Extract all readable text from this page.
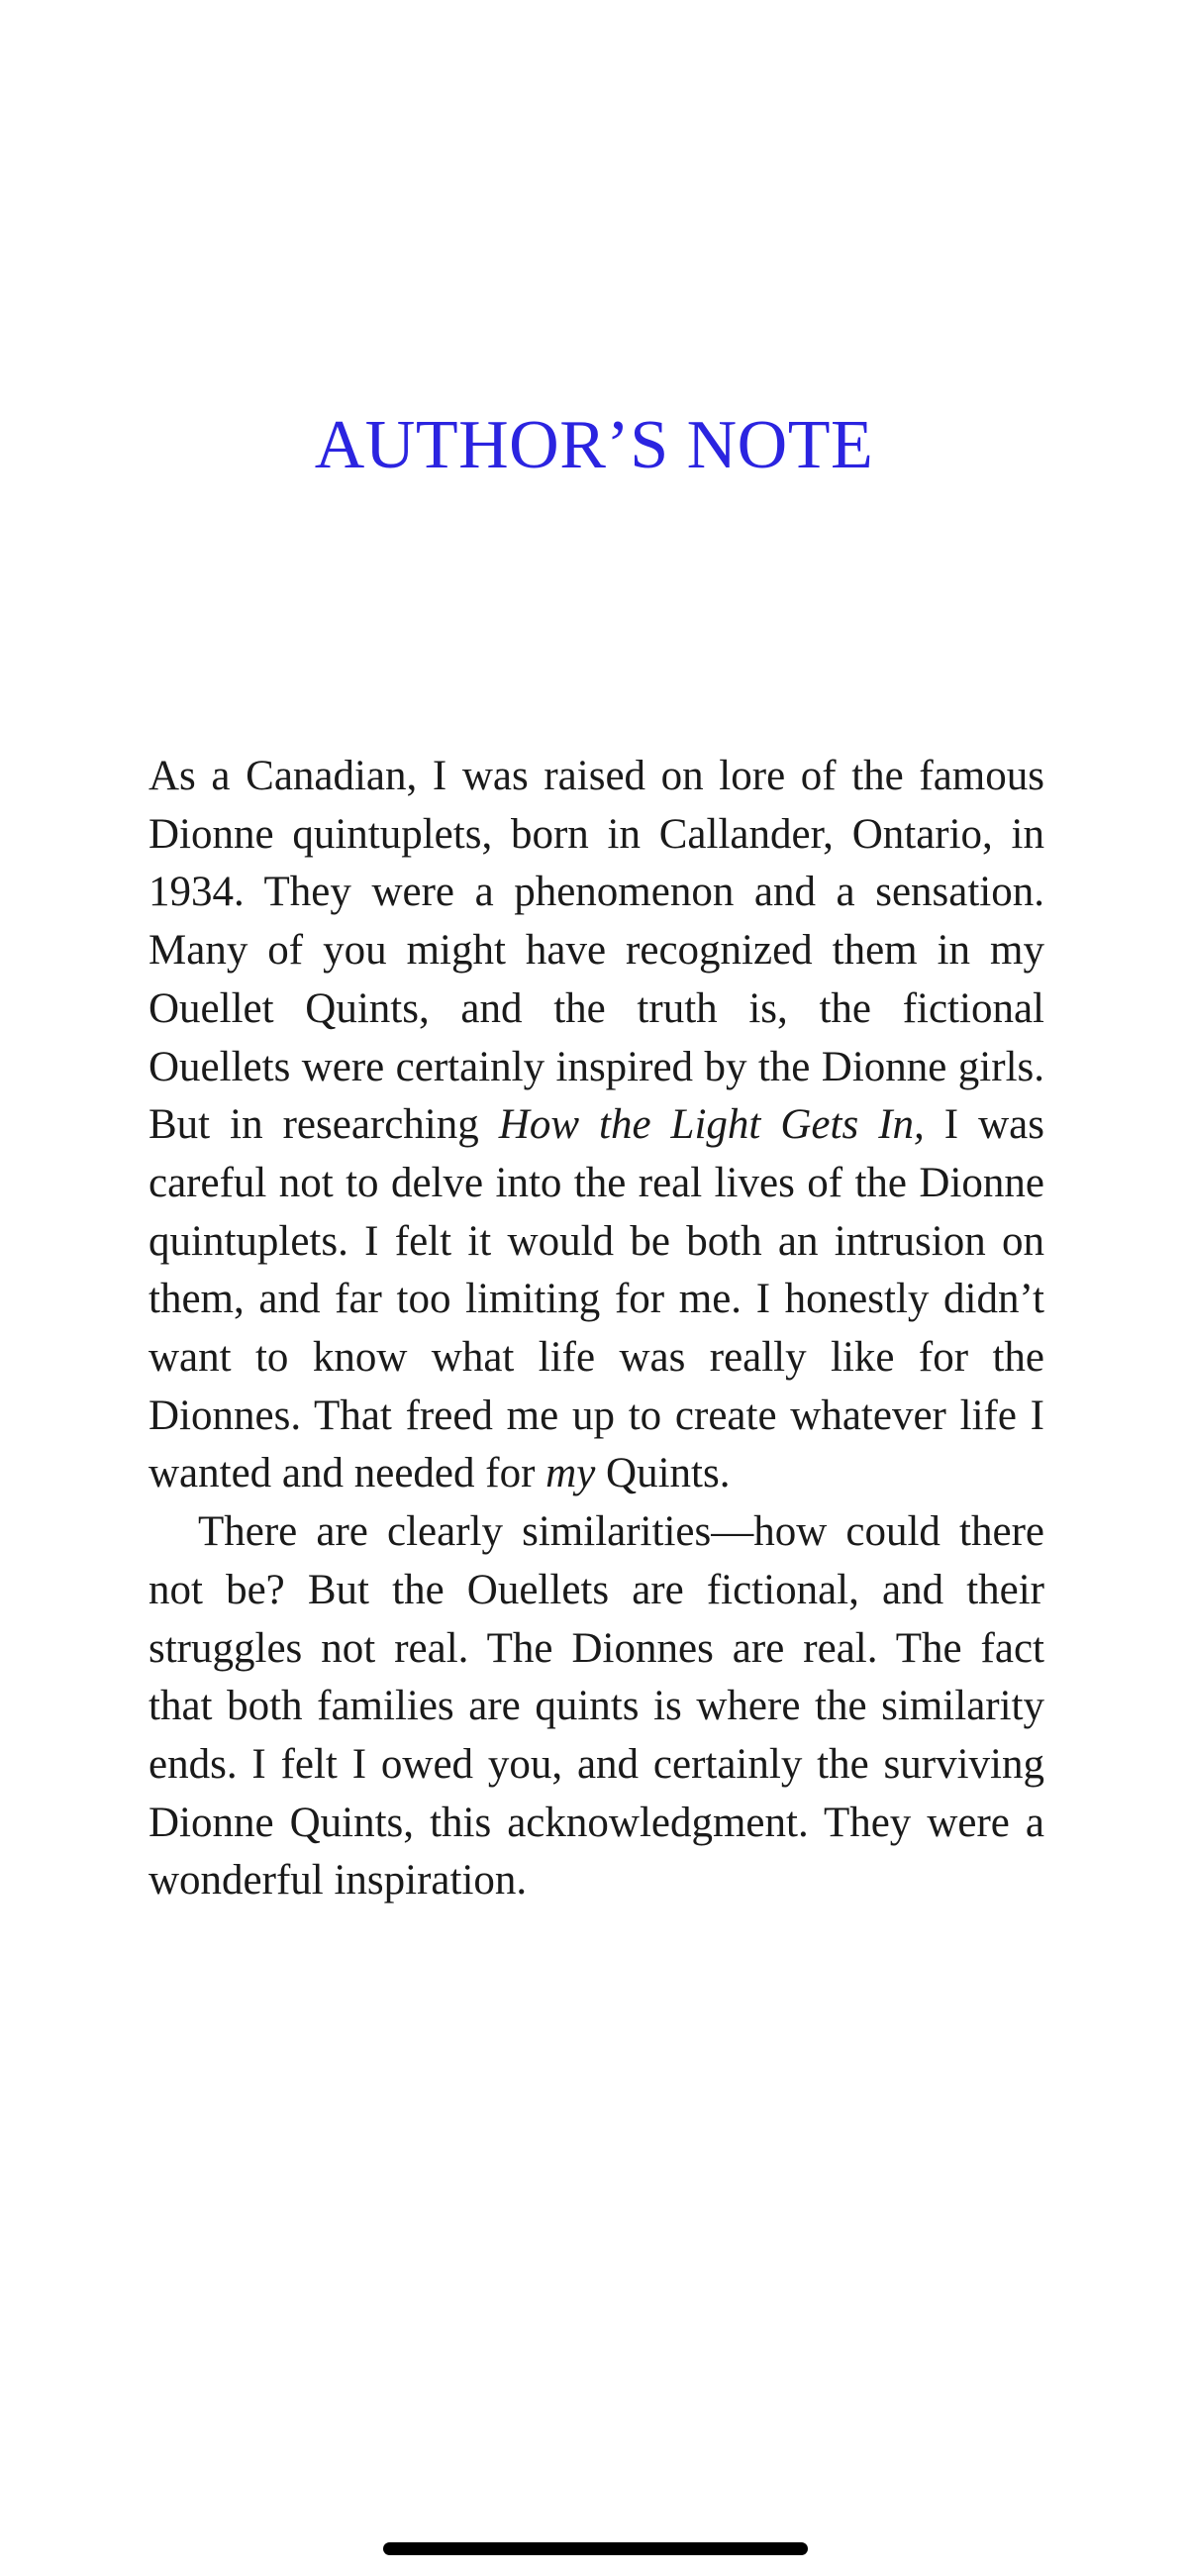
AUTHOR’S NOTE

As a Canadian, I was raised on lore of the famous Dionne quintuplets, born in Callander, Ontario, in 1934. They were a phenomenon and a sensation. Many of you might have recognized them in my Ouellet Quints, and the truth is, the fictional Ouellets were certainly inspired by the Dionne girls. But in researching How the Light Gets In, I was careful not to delve into the real lives of the Dionne quintuplets. I felt it would be both an intrusion on them, and far too limiting for me. I honestly didn’t want to know what life was really like for the Dionnes. That freed me up to create whatever life I wanted and needed for my Quints.

There are clearly similarities—how could there not be? But the Ouellets are fictional, and their struggles not real. The Dionnes are real. The fact that both families are quints is where the similarity ends. I felt I owed you, and certainly the surviving Dionne Quints, this acknowledgment. They were a wonderful inspiration.
